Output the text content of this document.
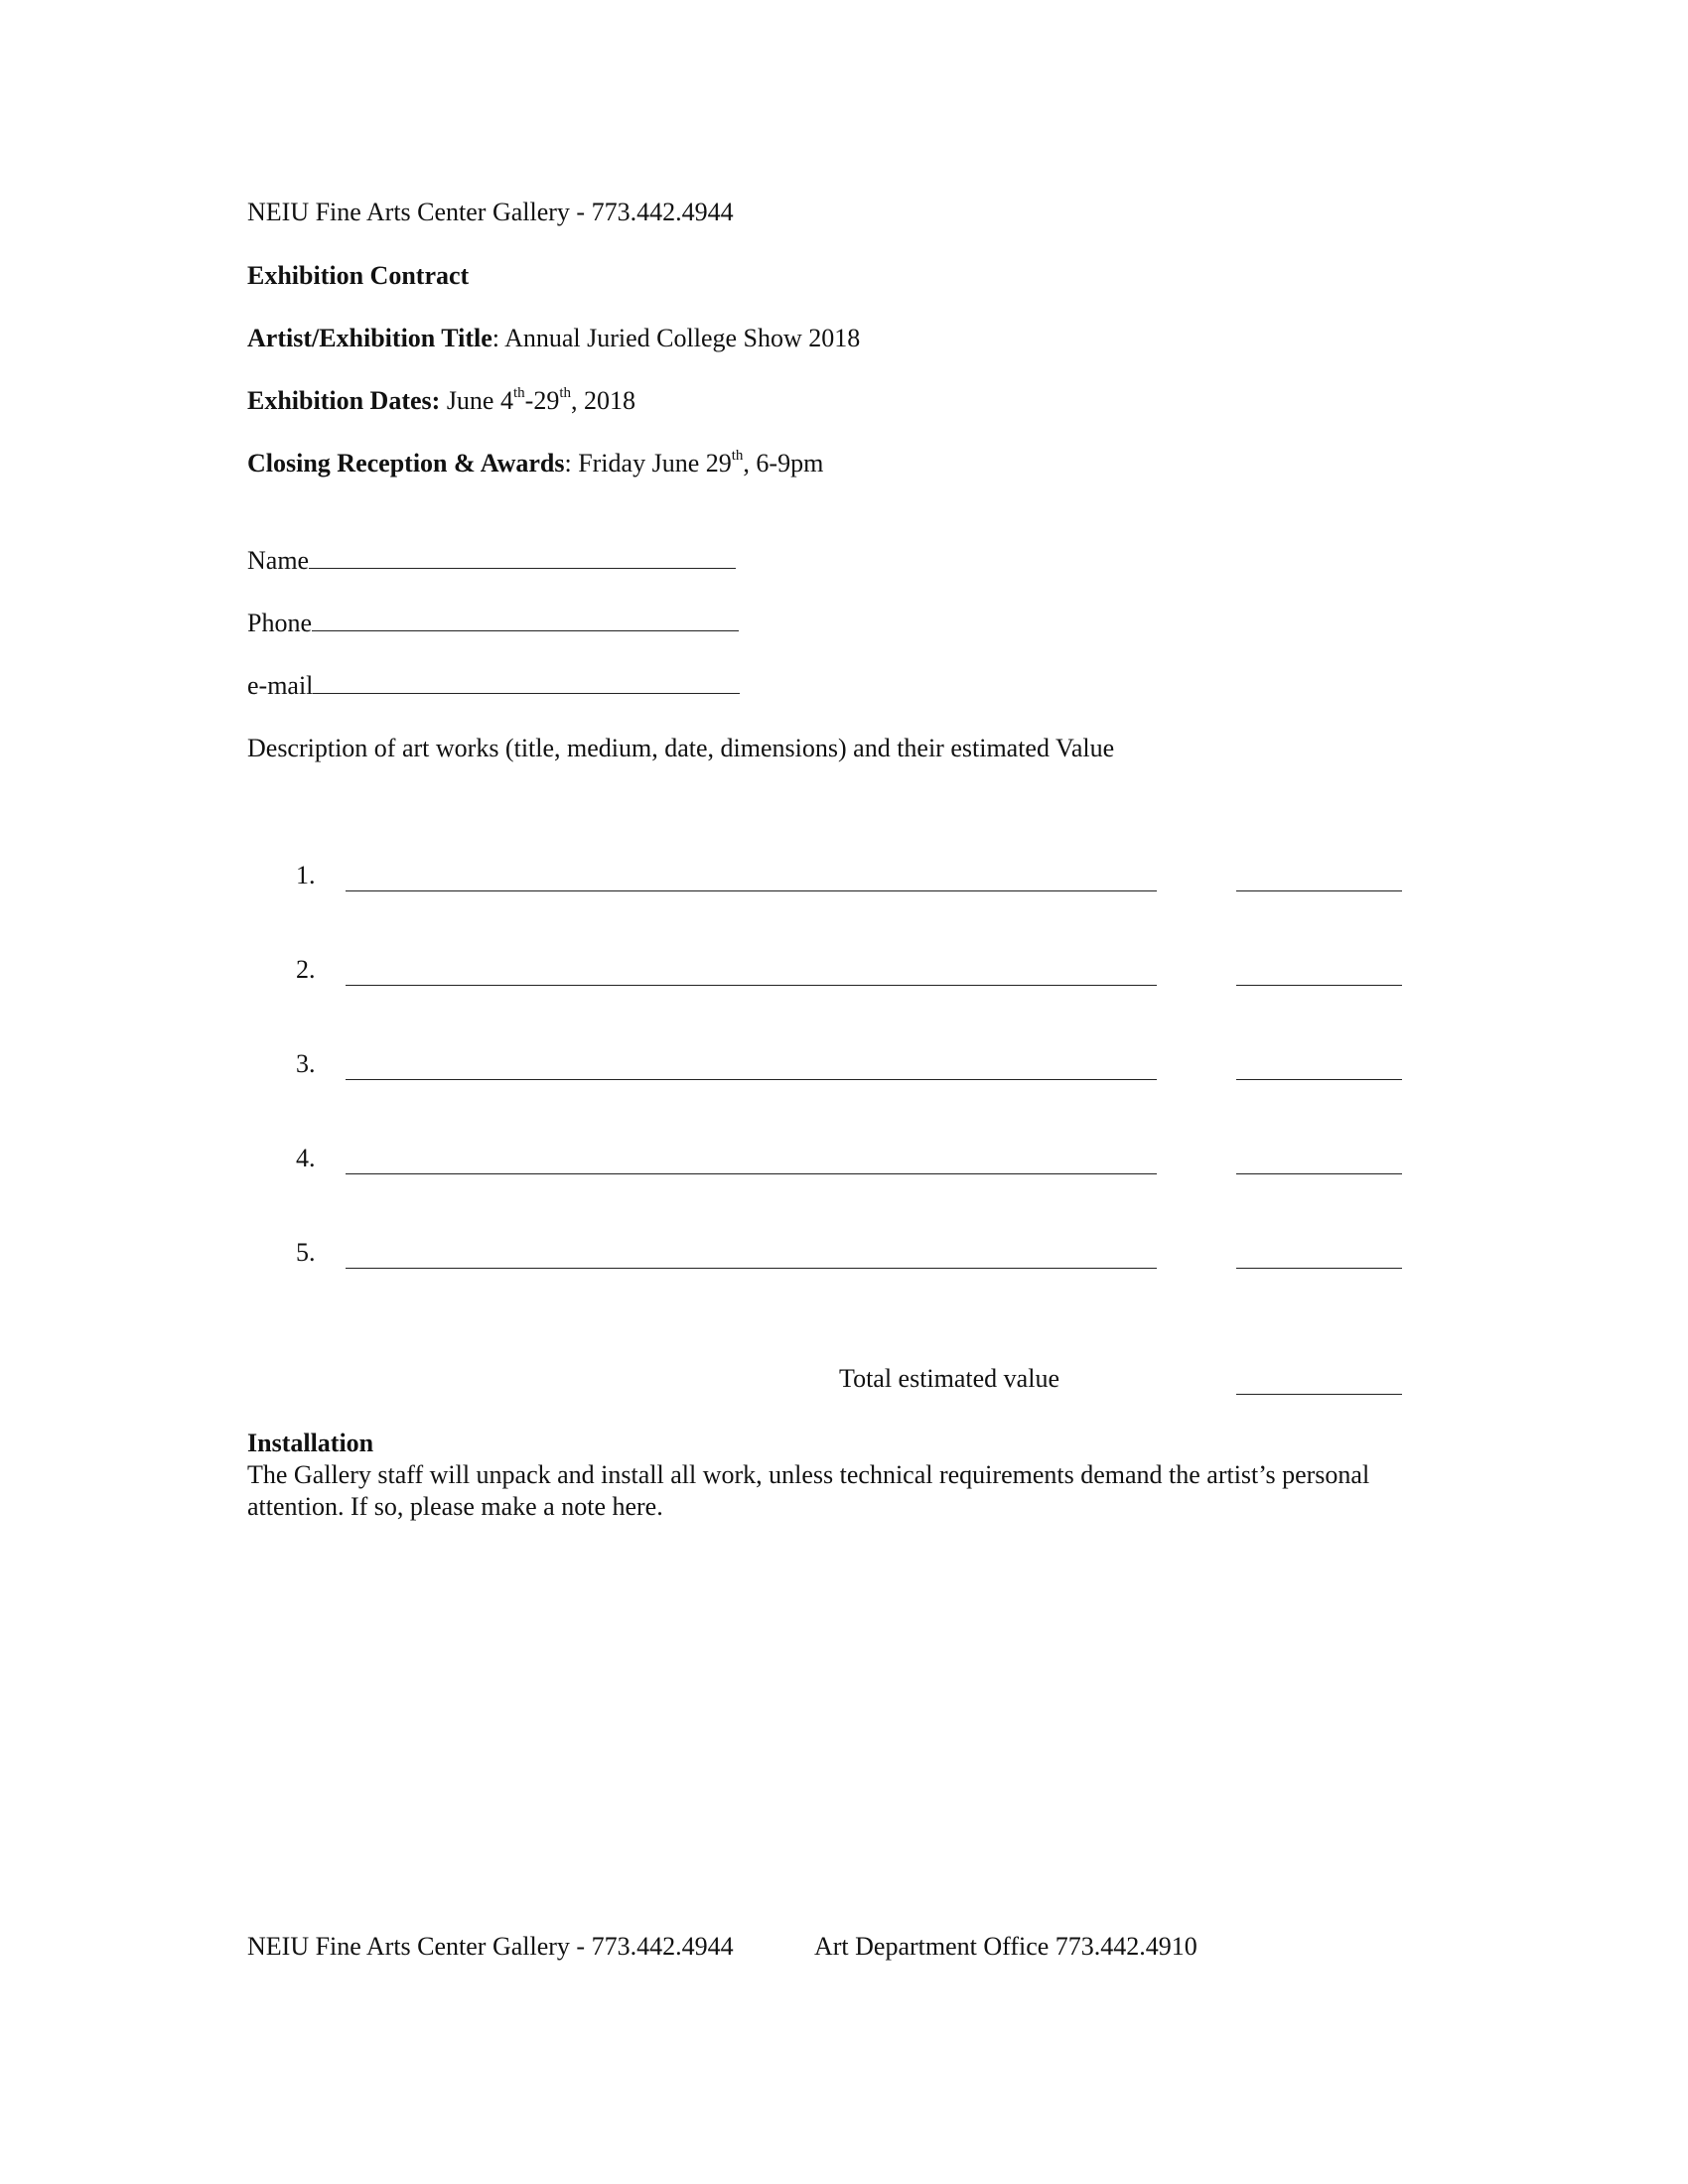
NEIU Fine Arts Center Gallery - 773.442.4944
Exhibition Contract
Artist/Exhibition Title: Annual Juried College Show 2018
Exhibition Dates: June 4th-29th, 2018
Closing Reception & Awards: Friday June 29th, 6-9pm
Name
Phone
e-mail
Description of art works (title, medium, date, dimensions) and their estimated Value
1.
2.
3.
4.
5.
Total estimated value
Installation
The Gallery staff will unpack and install all work, unless technical requirements demand the artist’s personal attention. If so, please make a note here.
NEIU Fine Arts Center Gallery - 773.442.4944	Art Department Office 773.442.4910
